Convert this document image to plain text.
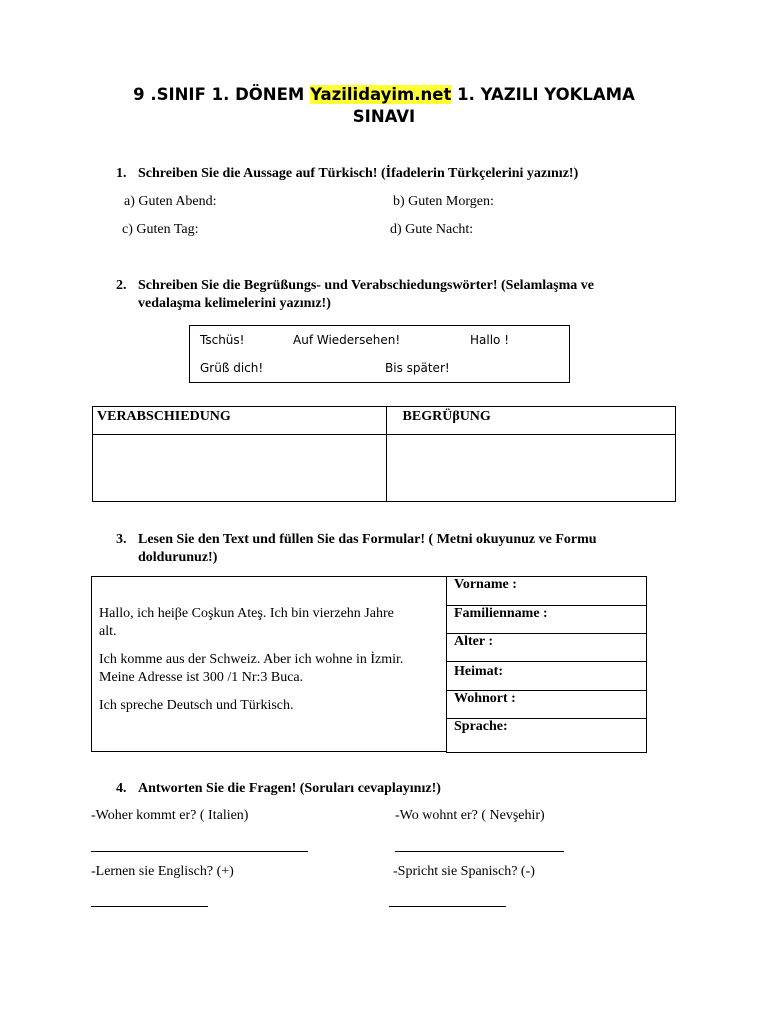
9 .SINIF 1. DÖNEM Yazilidayim.net 1. YAZILI YOKLAMA
SINAVI
1. Schreiben Sie die Aussage auf Türkisch! (İfadelerin Türkçelerini yazınız!)
a) Guten Abend:	b) Guten Morgen:
c) Guten Tag:	d) Gute Nacht:
2. Schreiben Sie die Begrüßungs- und Verabschiedungswörter! (Selamlaşma ve
vedalaşma kelimelerini yazınız!)
Tschüs!	Auf Wiedersehen!	Hallo !
Grüß dich!	Bis später!
VERABSCHIEDUNG	BEGRÜβUNG

3. Lesen Sie den Text und füllen Sie das Formular! ( Metni okuyunuz ve Formu
doldurunuz!)
Hallo, ich heiβe Coşkun Ateş. Ich bin vierzehn Jahre
alt.
Ich komme aus der Schweiz. Aber ich wohne in İzmir.
Meine Adresse ist 300 /1 Nr:3 Buca.
Ich spreche Deutsch und Türkisch.
Vorname :
Familienname :
Alter :
Heimat:
Wohnort :
Sprache:
4. Antworten Sie die Fragen! (Soruları cevaplayınız!)
-Woher kommt er? ( Italien)	-Wo wohnt er? ( Nevşehir)
-Lernen sie Englisch? (+)	-Spricht sie Spanisch? (-)
